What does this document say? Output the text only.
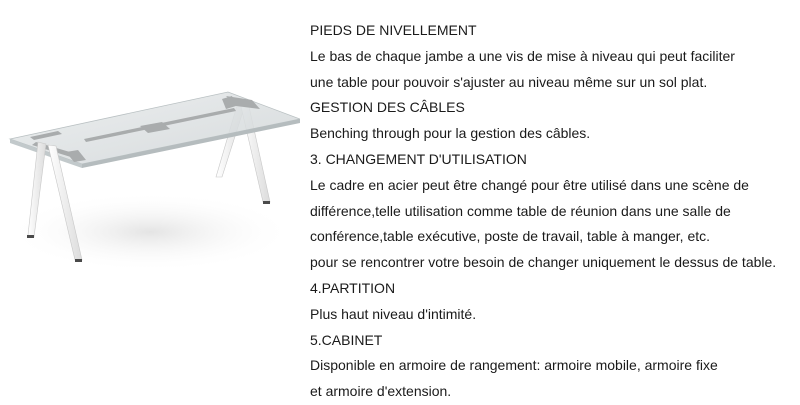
PIEDS DE NIVELLEMENT
Le bas de chaque jambe a une vis de mise à niveau qui peut faciliter
une table pour pouvoir s'ajuster au niveau même sur un sol plat.
GESTION DES CÂBLES
Benching through pour la gestion des câbles.
3. CHANGEMENT D'UTILISATION
Le cadre en acier peut être changé pour être utilisé dans une scène de
différence,telle utilisation comme table de réunion dans une salle de
conférence,table exécutive, poste de travail, table à manger, etc.
pour se rencontrer votre besoin de changer uniquement le dessus de table.
4.PARTITION
Plus haut niveau d'intimité.
5.CABINET
Disponible en armoire de rangement: armoire mobile, armoire fixe
et armoire d'extension.
